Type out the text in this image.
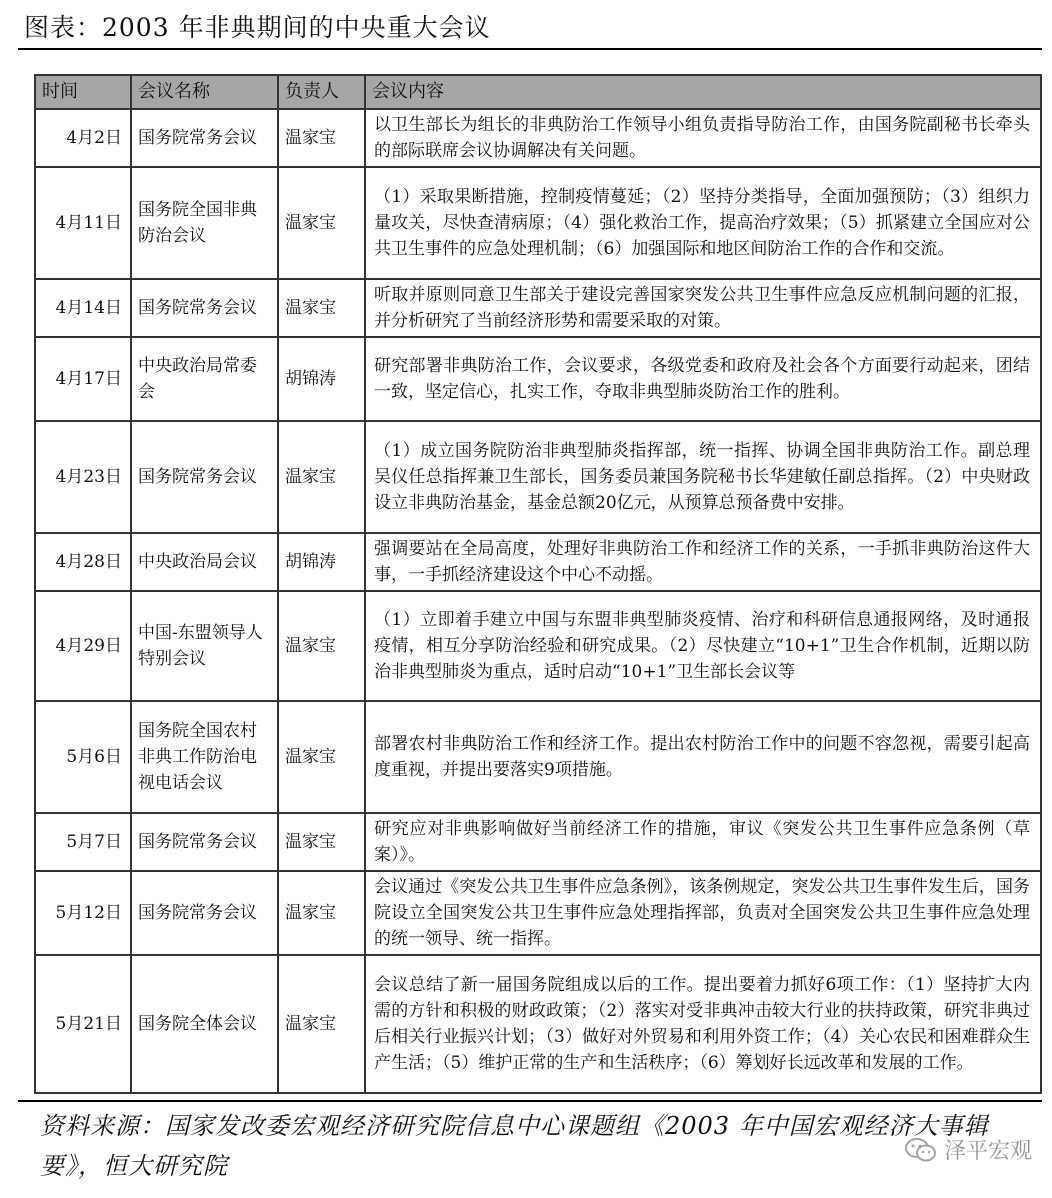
图表：2003 年非典期间的中央重大会议
时间	会议名称	负责人	会议内容
4月2日	国务院常务会议	温家宝	以卫生部长为组长的非典防治工作领导小组负责指导防治工作，由国务院副秘书长牵头的部际联席会议协调解决有关问题。
4月11日	国务院全国非典防治会议	温家宝	（1）采取果断措施，控制疫情蔓延；（2）坚持分类指导，全面加强预防；（3）组织力量攻关，尽快查清病原；（4）强化救治工作，提高治疗效果；（5）抓紧建立全国应对公共卫生事件的应急处理机制；（6）加强国际和地区间防治工作的合作和交流。
4月14日	国务院常务会议	温家宝	听取并原则同意卫生部关于建设完善国家突发公共卫生事件应急反应机制问题的汇报，并分析研究了当前经济形势和需要采取的对策。
4月17日	中央政治局常委会	胡锦涛	研究部署非典防治工作，会议要求，各级党委和政府及社会各个方面要行动起来，团结一致，坚定信心，扎实工作，夺取非典型肺炎防治工作的胜利。
4月23日	国务院常务会议	温家宝	（1）成立国务院防治非典型肺炎指挥部，统一指挥、协调全国非典防治工作。副总理吴仪任总指挥兼卫生部长，国务委员兼国务院秘书长华建敏任副总指挥。（2）中央财政设立非典防治基金，基金总额20亿元，从预算总预备费中安排。
4月28日	中央政治局会议	胡锦涛	强调要站在全局高度，处理好非典防治工作和经济工作的关系，一手抓非典防治这件大事，一手抓经济建设这个中心不动摇。
4月29日	中国-东盟领导人特别会议	温家宝	（1）立即着手建立中国与东盟非典型肺炎疫情、治疗和科研信息通报网络，及时通报疫情，相互分享防治经验和研究成果。（2）尽快建立“10+1”卫生合作机制，近期以防治非典型肺炎为重点，适时启动“10+1”卫生部长会议等
5月6日	国务院全国农村非典工作防治电视电话会议	温家宝	部署农村非典防治工作和经济工作。提出农村防治工作中的问题不容忽视，需要引起高度重视，并提出要落实9项措施。
5月7日	国务院常务会议	温家宝	研究应对非典影响做好当前经济工作的措施，审议《突发公共卫生事件应急条例（草案）》。
5月12日	国务院常务会议	温家宝	会议通过《突发公共卫生事件应急条例》，该条例规定，突发公共卫生事件发生后，国务院设立全国突发公共卫生事件应急处理指挥部，负责对全国突发公共卫生事件应急处理的统一领导、统一指挥。
5月21日	国务院全体会议	温家宝	会议总结了新一届国务院组成以后的工作。提出要着力抓好6项工作：（1）坚持扩大内需的方针和积极的财政政策；（2）落实对受非典冲击较大行业的扶持政策，研究非典过后相关行业振兴计划；（3）做好对外贸易和利用外资工作；（4）关心农民和困难群众生产生活；（5）维护正常的生产和生活秩序；（6）筹划好长远改革和发展的工作。
资料来源：国家发改委宏观经济研究院信息中心课题组《2003 年中国宏观经济大事辑要》，恒大研究院
泽平宏观
